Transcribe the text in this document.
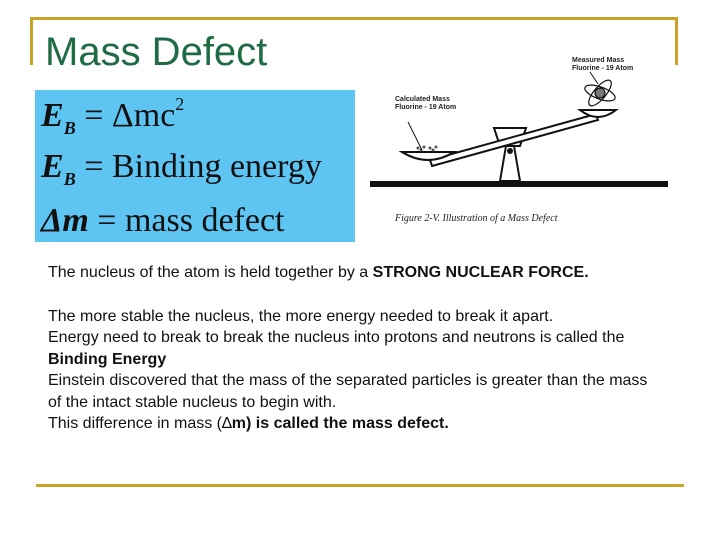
Mass Defect
$E_B = \Delta mc^2$
$E_B$ = Binding energy
Δm = mass defect
Measured Mass
Fluorine - 19 Atom
Calculated Mass
Fluorine - 19 Atom
Figure 2-V. Illustration of a Mass Defect

The nucleus of the atom is held together by a STRONG NUCLEAR FORCE.

The more stable the nucleus, the more energy needed to break it apart.

Energy need to break to break the nucleus into protons and neutrons is called the Binding Energy

Einstein discovered that the mass of the separated particles is greater than the mass of the intact stable nucleus to begin with.

This difference in mass (∆m) is called the mass defect.
